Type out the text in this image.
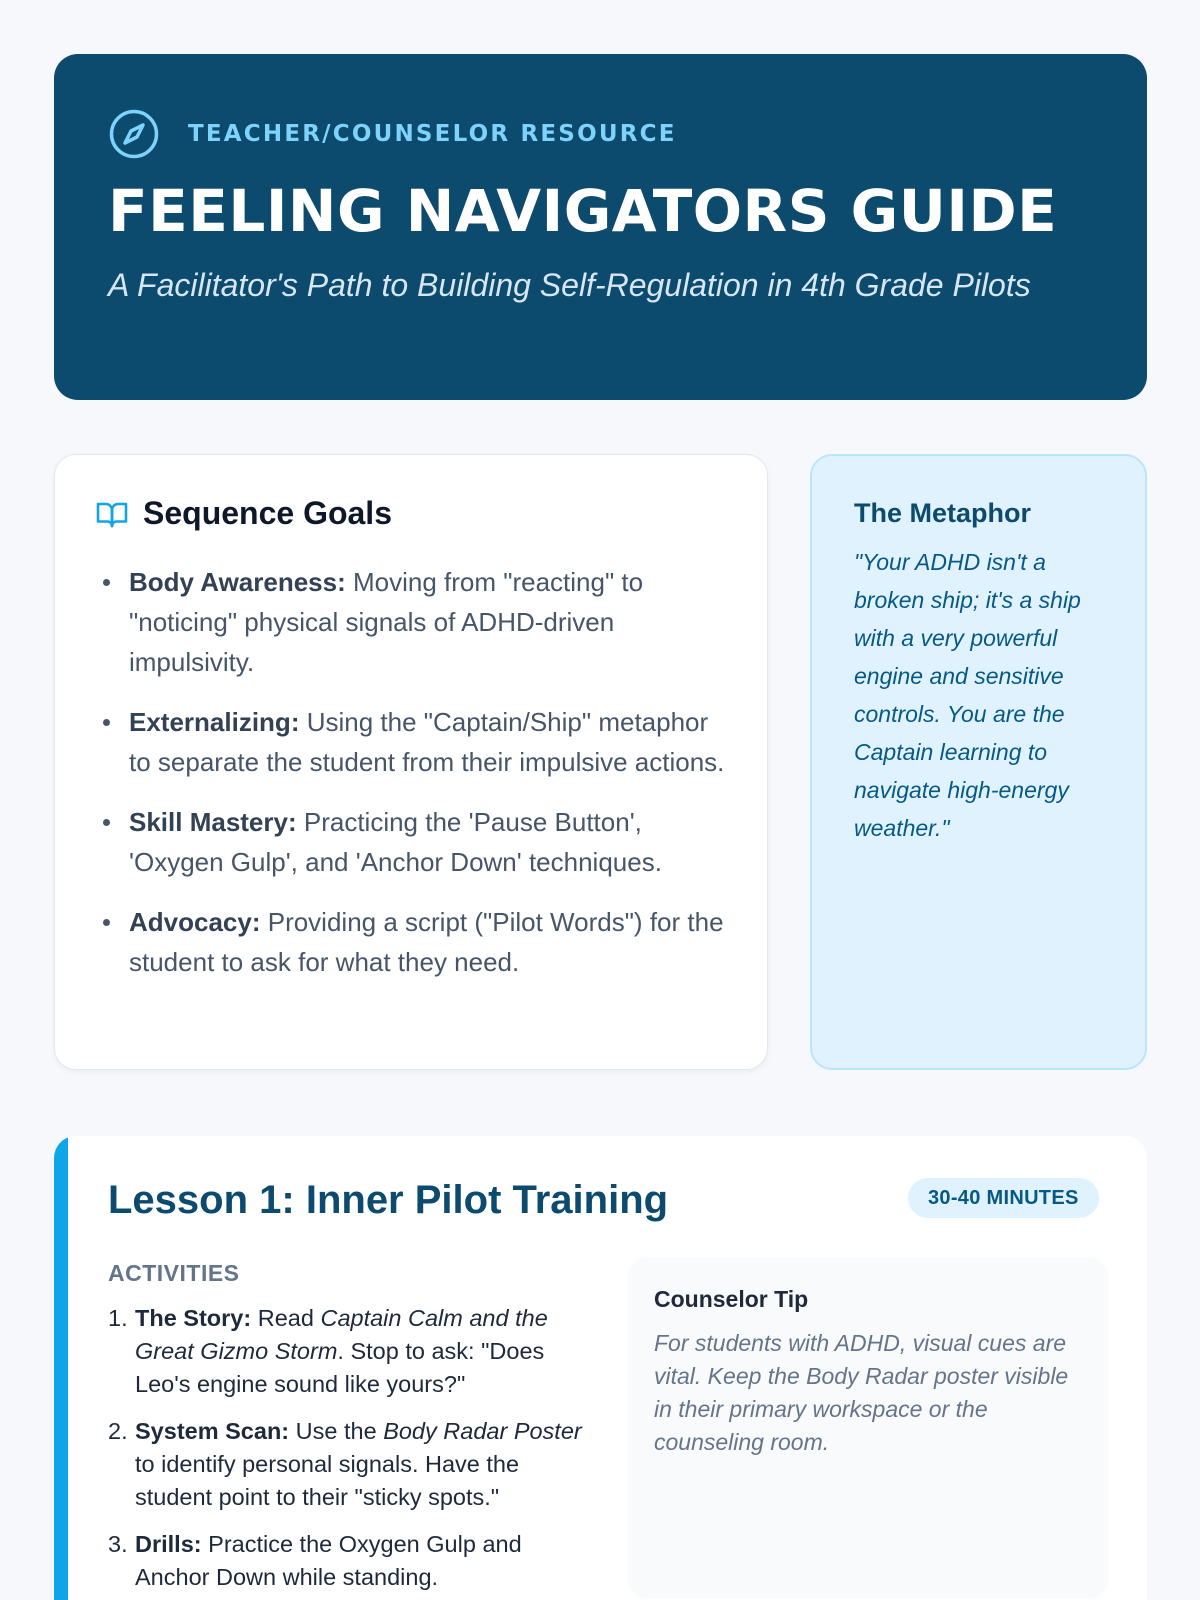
TEACHER/COUNSELOR RESOURCE
FEELING NAVIGATORS GUIDE

A Facilitator's Path to Building Self-Regulation in 4th Grade Pilots

Sequence Goals
Body Awareness: Moving from "reacting" to "noticing" physical signals of ADHD-driven impulsivity.
Externalizing: Using the "Captain/Ship" metaphor to separate the student from their impulsive actions.
Skill Mastery: Practicing the 'Pause Button', 'Oxygen Gulp', and 'Anchor Down' techniques.
Advocacy: Providing a script ("Pilot Words") for the student to ask for what they need.
The Metaphor

"Your ADHD isn't a broken ship; it's a ship with a very powerful engine and sensitive controls. You are the Captain learning to navigate high-energy weather."

Lesson 1: Inner Pilot Training	30-40 MINUTES
ACTIVITIES
1. The Story: Read Captain Calm and the Great Gizmo Storm. Stop to ask: "Does Leo's engine sound like yours?"
2. System Scan: Use the Body Radar Poster to identify personal signals. Have the student point to their "sticky spots."
3. Drills: Practice the Oxygen Gulp and Anchor Down while standing.
Counselor Tip

For students with ADHD, visual cues are vital. Keep the Body Radar poster visible in their primary workspace or the counseling room.
